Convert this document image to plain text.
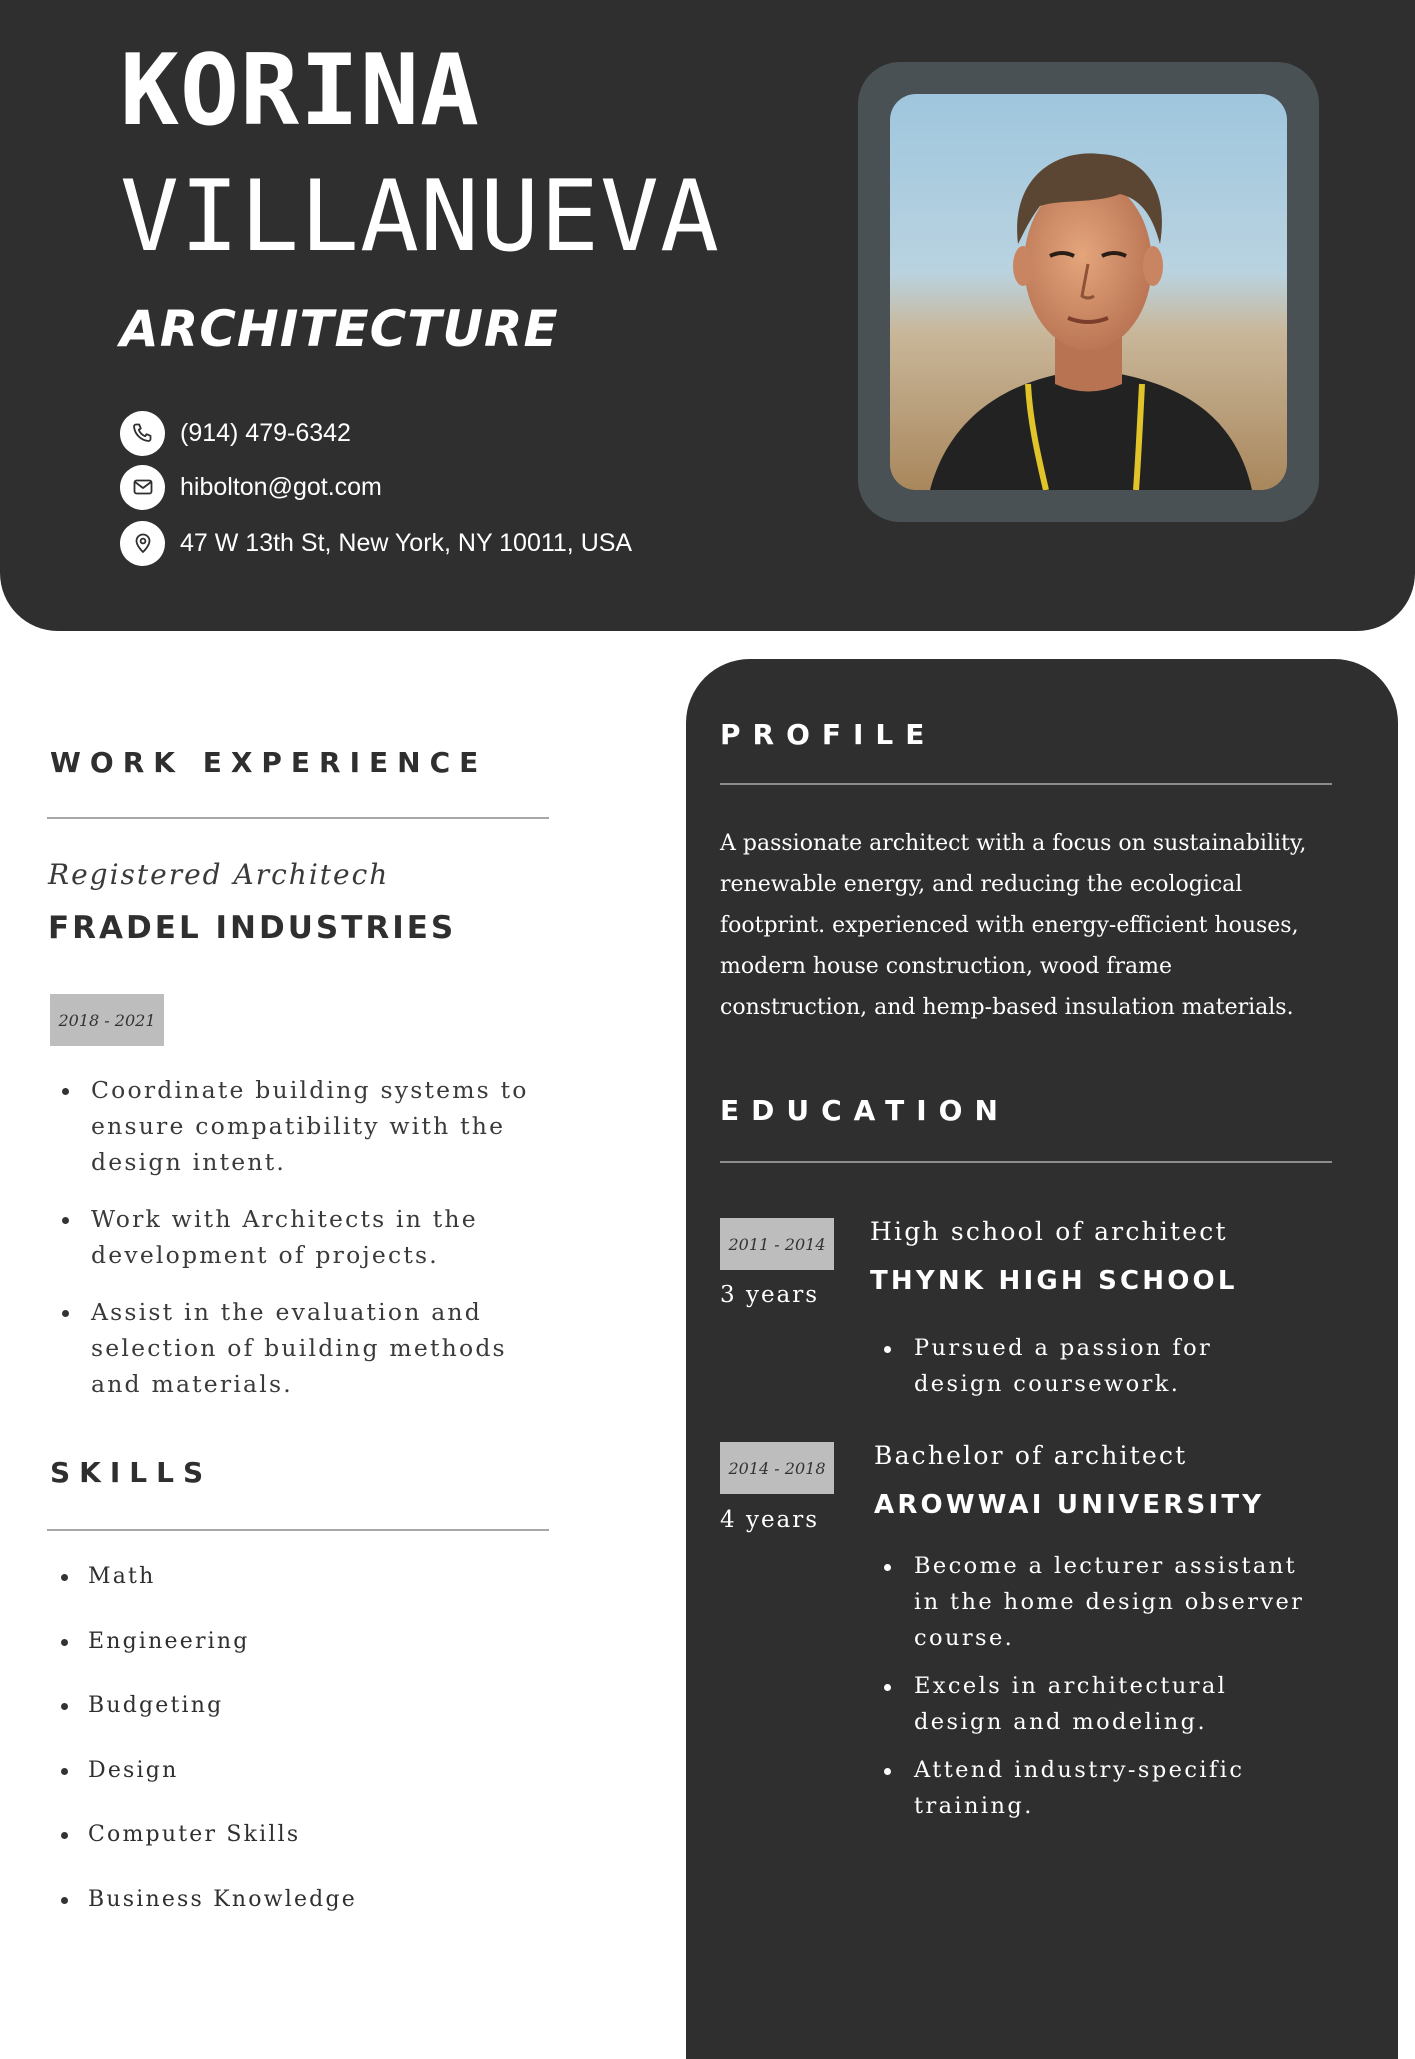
KORINA
VILLANUEVA
ARCHITECTURE
(914) 479-6342
hibolton@got.com
47 W 13th St, New York, NY 10011, USA
WORK EXPERIENCE
Registered Architech
FRADEL INDUSTRIES
2018 - 2021
Coordinate building systems to ensure compatibility with the design intent.
Work with Architects in the development of projects.
Assist in the evaluation and selection of building methods and materials.
SKILLS
Math
Engineering
Budgeting
Design
Computer Skills
Business Knowledge
PROFILE
A passionate architect with a focus on sustainability, renewable energy, and reducing the ecological footprint. experienced with energy-efficient houses, modern house construction, wood frame construction, and hemp-based insulation materials.
EDUCATION
2011 - 2014
3 years
High school of architect
THYNK HIGH SCHOOL
Pursued a passion for design coursework.
2014 - 2018
4 years
Bachelor of architect
AROWWAI UNIVERSITY
Become a lecturer assistant in the home design observer course.
Excels in architectural design and modeling.
Attend industry-specific training.
